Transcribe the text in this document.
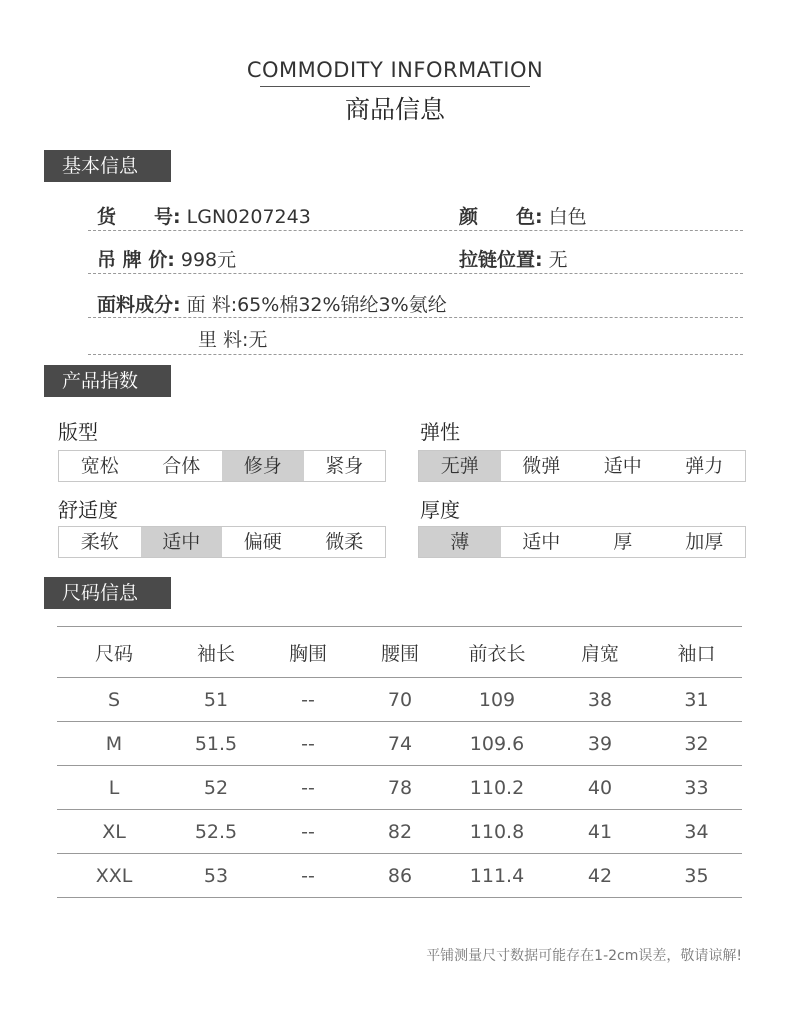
COMMODITY INFORMATION
商品信息
基本信息
货　　号: LGN0207243	颜　　色: 白色
吊 牌 价: 998元	拉链位置: 无
面料成分: 面 料:65%棉32%锦纶3%氨纶
里 料:无
产品指数
版型
宽松	合体	修身	紧身
弹性
无弹	微弹	适中	弹力
舒适度
柔软	适中	偏硬	微柔
厚度
薄	适中	厚	加厚
尺码信息
尺码	袖长	胸围	腰围	前衣长	肩宽	袖口
S	51	--	70	109	38	31
M	51.5	--	74	109.6	39	32
L	52	--	78	110.2	40	33
XL	52.5	--	82	110.8	41	34
XXL	53	--	86	111.4	42	35
平铺测量尺寸数据可能存在1-2cm误差，敬请谅解!
